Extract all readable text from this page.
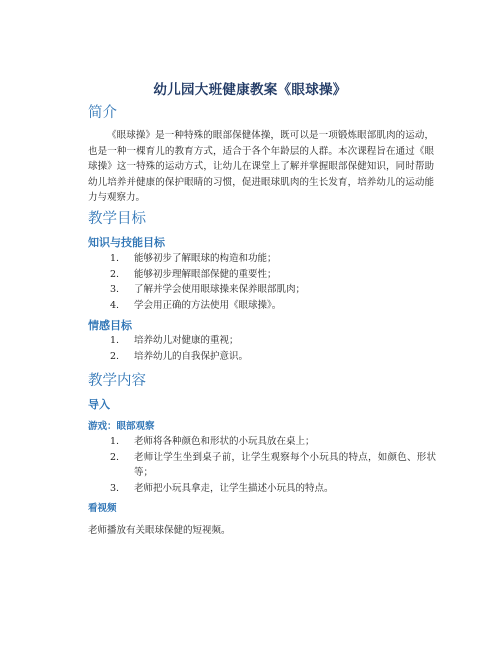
幼儿园大班健康教案《眼球操》
简介
《眼球操》是一种特殊的眼部保健体操，既可以是一项锻炼眼部肌肉的运动，也是一种一棵育儿的教育方式，适合于各个年龄层的人群。本次课程旨在通过《眼球操》这一特殊的运动方式，让幼儿在课堂上了解并掌握眼部保健知识，同时帮助幼儿培养并健康的保护眼睛的习惯，促进眼球肌肉的生长发育，培养幼儿的运动能力与观察力。
教学目标
知识与技能目标
1. 能够初步了解眼球的构造和功能；
2. 能够初步理解眼部保健的重要性；
3. 了解并学会使用眼球操来保养眼部肌肉；
4. 学会用正确的方法使用《眼球操》。
情感目标
1. 培养幼儿对健康的重视；
2. 培养幼儿的自我保护意识。
教学内容
导入
游戏：眼部观察
1. 老师将各种颜色和形状的小玩具放在桌上；
2. 老师让学生坐到桌子前，让学生观察每个小玩具的特点，如颜色、形状等；
3. 老师把小玩具拿走，让学生描述小玩具的特点。
看视频
老师播放有关眼球保健的短视频。
